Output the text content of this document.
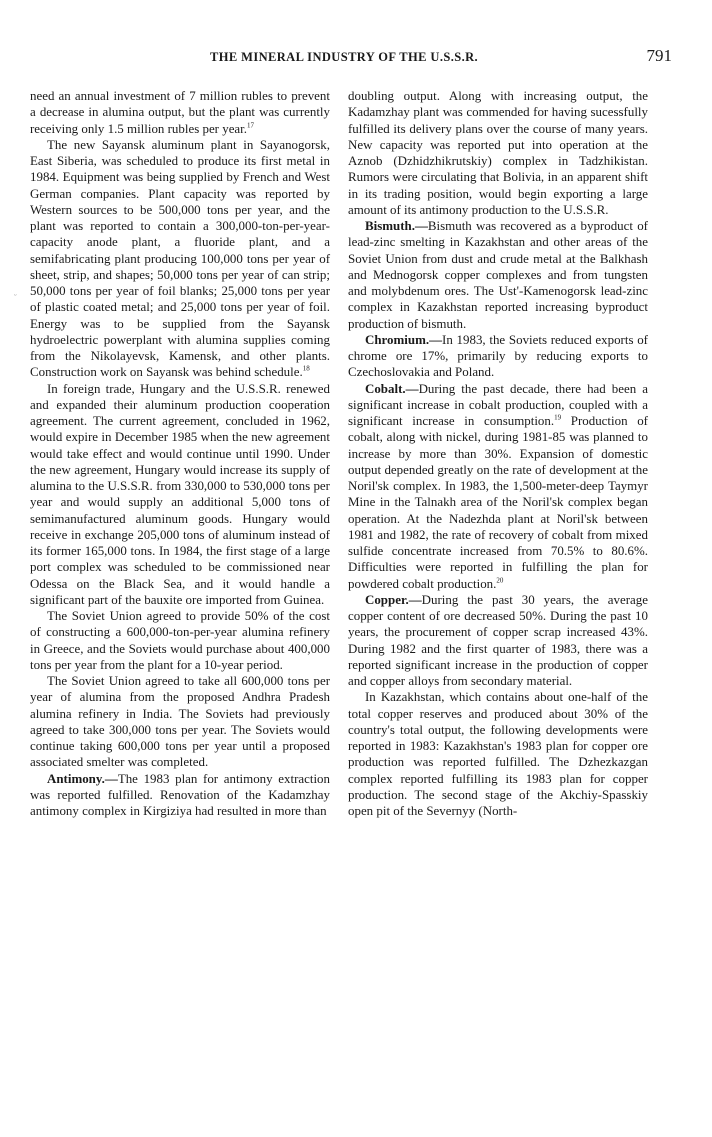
THE MINERAL INDUSTRY OF THE U.S.S.R.	791
ᵕ

need an annual investment of 7 million rubles to prevent a decrease in alumina output, but the plant was currently receiving only 1.5 million rubles per year.$^{17}$

The new Sayansk aluminum plant in Sayanogorsk, East Siberia, was scheduled to produce its first metal in 1984. Equipment was being supplied by French and West German companies. Plant capacity was reported by Western sources to be 500,000 tons per year, and the plant was reported to contain a 300,000-ton-per-year-capacity anode plant, a fluoride plant, and a semifabricating plant producing 100,000 tons per year of sheet, strip, and shapes; 50,000 tons per year of can strip; 50,000 tons per year of foil blanks; 25,000 tons per year of plastic coated metal; and 25,000 tons per year of foil. Energy was to be supplied from the Sayansk hydroelectric powerplant with alumina supplies coming from the Nikolayevsk, Kamensk, and other plants. Construction work on Sayansk was behind schedule.$^{18}$

In foreign trade, Hungary and the U.S.S.R. renewed and expanded their aluminum production cooperation agreement. The current agreement, concluded in 1962, would expire in December 1985 when the new agreement would take effect and would continue until 1990. Under the new agreement, Hungary would increase its supply of alumina to the U.S.S.R. from 330,000 to 530,000 tons per year and would supply an additional 5,000 tons of semimanufactured aluminum goods. Hungary would receive in exchange 205,000 tons of aluminum instead of its former 165,000 tons. In 1984, the first stage of a large port complex was scheduled to be commissioned near Odessa on the Black Sea, and it would handle a significant part of the bauxite ore imported from Guinea.

The Soviet Union agreed to provide 50% of the cost of constructing a 600,000-ton-per-year alumina refinery in Greece, and the Soviets would purchase about 400,000 tons per year from the plant for a 10-year period.

The Soviet Union agreed to take all 600,000 tons per year of alumina from the proposed Andhra Pradesh alumina refinery in India. The Soviets had previously agreed to take 300,000 tons per year. The Soviets would continue taking 600,000 tons per year until a proposed associated smelter was completed.

Antimony.—The 1983 plan for antimony extraction was reported fulfilled. Renovation of the Kadamzhay antimony complex in Kirgiziya had resulted in more than

doubling output. Along with increasing output, the Kadamzhay plant was commended for having sucessfully fulfilled its delivery plans over the course of many years. New capacity was reported put into operation at the Aznob (Dzhidzhikrutskiy) complex in Tadzhikistan. Rumors were circulating that Bolivia, in an apparent shift in its trading position, would begin exporting a large amount of its antimony production to the U.S.S.R.

Bismuth.—Bismuth was recovered as a byproduct of lead-zinc smelting in Kazakhstan and other areas of the Soviet Union from dust and crude metal at the Balkhash and Mednogorsk copper complexes and from tungsten and molybdenum ores. The Ust'-Kamenogorsk lead-zinc complex in Kazakhstan reported increasing byproduct production of bismuth.

Chromium.—In 1983, the Soviets reduced exports of chrome ore 17%, primarily by reducing exports to Czechoslovakia and Poland.

Cobalt.—During the past decade, there had been a significant increase in cobalt production, coupled with a significant increase in consumption.$^{19}$ Production of cobalt, along with nickel, during 1981-85 was planned to increase by more than 30%. Expansion of domestic output depended greatly on the rate of development at the Noril'sk complex. In 1983, the 1,500-meter-deep Taymyr Mine in the Talnakh area of the Noril'sk complex began operation. At the Nadezhda plant at Noril'sk between 1981 and 1982, the rate of recovery of cobalt from mixed sulfide concentrate increased from 70.5% to 80.6%. Difficulties were reported in fulfilling the plan for powdered cobalt production.$^{20}$

Copper.—During the past 30 years, the average copper content of ore decreased 50%. During the past 10 years, the procurement of copper scrap increased 43%. During 1982 and the first quarter of 1983, there was a reported significant increase in the production of copper and copper alloys from secondary material.

In Kazakhstan, which contains about one-half of the total copper reserves and produced about 30% of the country's total output, the following developments were reported in 1983: Kazakhstan's 1983 plan for copper ore production was reported fulfilled. The Dzhezkazgan complex reported fulfilling its 1983 plan for copper production. The second stage of the Akchiy-Spasskiy open pit of the Severnyy (North-
